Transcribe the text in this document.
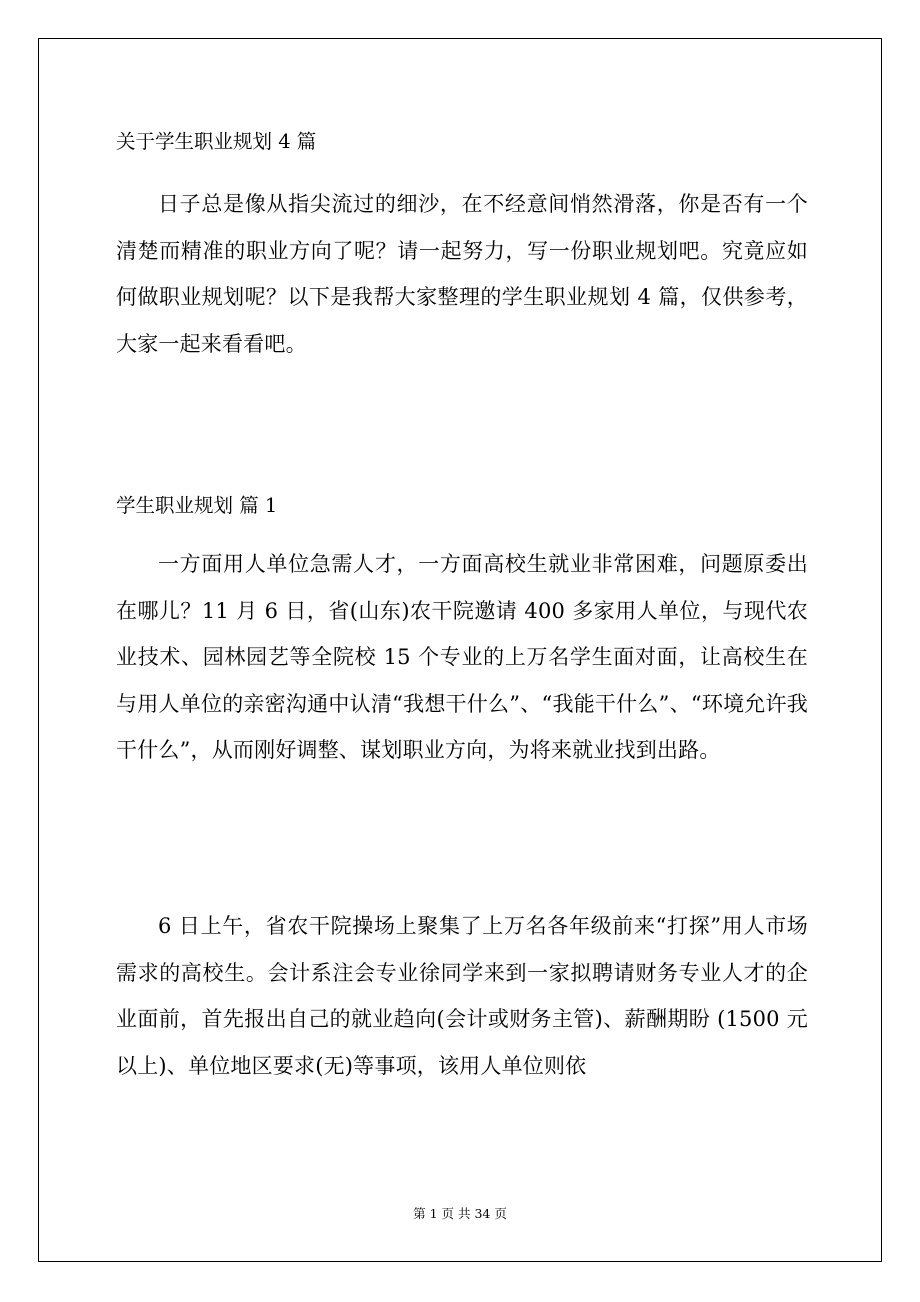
关于学生职业规划 4 篇

日子总是像从指尖流过的细沙，在不经意间悄然滑落，你是否有一个清楚而精准的职业方向了呢？请一起努力，写一份职业规划吧。究竟应如何做职业规划呢？以下是我帮大家整理的学生职业规划 4 篇，仅供参考，大家一起来看看吧。

学生职业规划 篇 1

一方面用人单位急需人才，一方面高校生就业非常困难，问题原委出在哪儿？11 月 6 日，省(山东)农干院邀请 400 多家用人单位，与现代农业技术、园林园艺等全院校 15 个专业的上万名学生面对面，让高校生在与用人单位的亲密沟通中认清“我想干什么”、“我能干什么”、“环境允许我干什么”，从而刚好调整、谋划职业方向，为将来就业找到出路。

6 日上午，省农干院操场上聚集了上万名各年级前来“打探”用人市场需求的高校生。会计系注会专业徐同学来到一家拟聘请财务专业人才的企业面前，首先报出自己的就业趋向(会计或财务主管)、薪酬期盼 (1500 元以上)、单位地区要求(无)等事项，该用人单位则依

第 1 页 共 34 页
